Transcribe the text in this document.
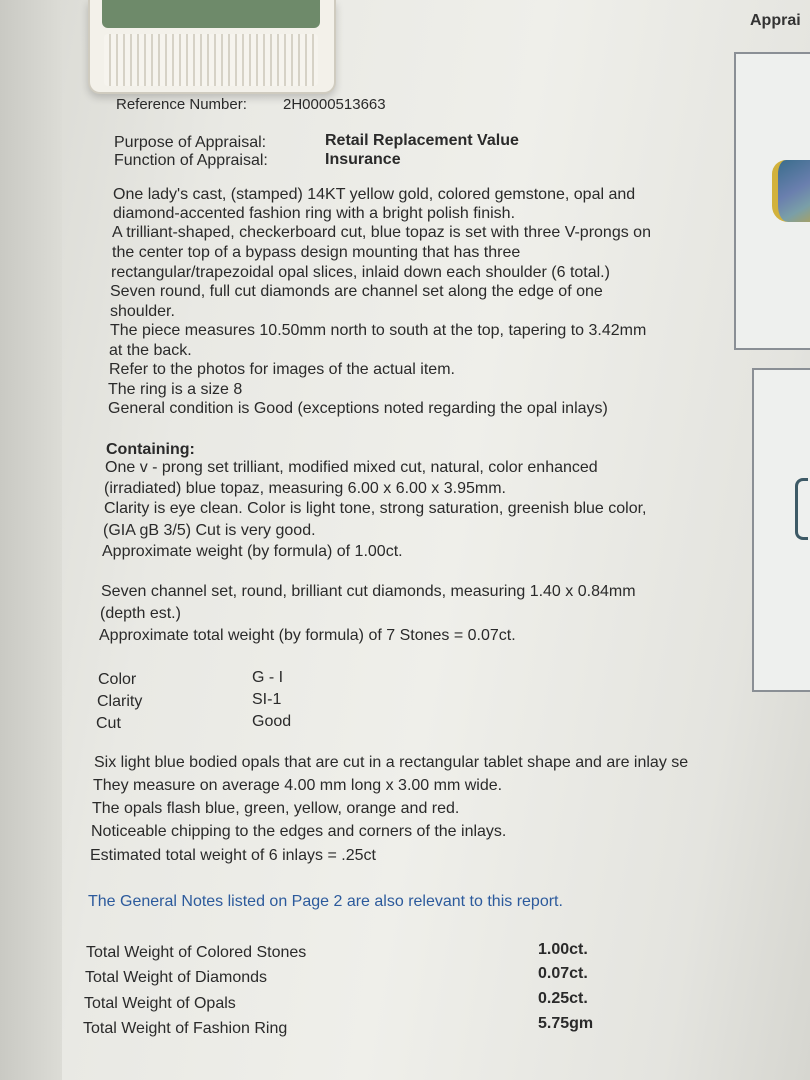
Apprai
Reference Number: 2H0000513663
Purpose of Appraisal:	Retail Replacement Value
Function of Appraisal:	Insurance
One lady's cast, (stamped) 14KT yellow gold, colored gemstone, opal and
diamond-accented fashion ring with a bright polish finish.
A trilliant-shaped, checkerboard cut, blue topaz is set with three V-prongs on
the center top of a bypass design mounting that has three
rectangular/trapezoidal opal slices, inlaid down each shoulder (6 total.)
Seven round, full cut diamonds are channel set along the edge of one
shoulder.
The piece measures 10.50mm north to south at the top, tapering to 3.42mm
at the back.
Refer to the photos for images of the actual item.
The ring is a size 8
General condition is Good (exceptions noted regarding the opal inlays)
Containing:
One v - prong set trilliant, modified mixed cut, natural, color enhanced
(irradiated) blue topaz, measuring 6.00 x 6.00 x 3.95mm.
Clarity is eye clean. Color is light tone, strong saturation, greenish blue color,
(GIA gB 3/5) Cut is very good.
Approximate weight (by formula) of 1.00ct.
Seven channel set, round, brilliant cut diamonds, measuring 1.40 x 0.84mm
(depth est.)
Approximate total weight (by formula) of 7 Stones = 0.07ct.
Color	G - I
Clarity	SI-1
Cut	Good
Six light blue bodied opals that are cut in a rectangular tablet shape and are inlay se
They measure on average 4.00 mm long x 3.00 mm wide.
The opals flash blue, green, yellow, orange and red.
Noticeable chipping to the edges and corners of the inlays.
Estimated total weight of 6 inlays = .25ct
The General Notes listed on Page 2 are also relevant to this report.
Total Weight of Colored Stones	1.00ct.
Total Weight of Diamonds	0.07ct.
Total Weight of Opals	0.25ct.
Total Weight of Fashion Ring	5.75gm
